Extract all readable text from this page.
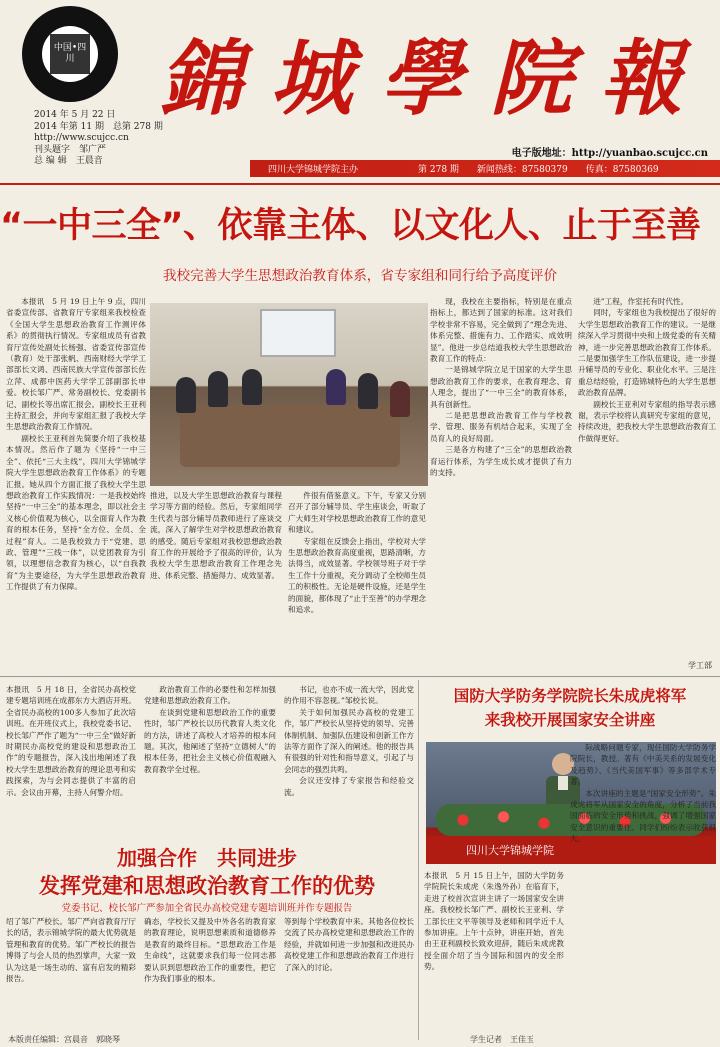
中国•四川 錦城學院報
2014 年 5 月 22 日
2014 年第 11 期　总第 278 期
http://www.scujcc.cn
刊头题字　邹广严
总 编 辑　王晨音
电子版地址：http://yuanbao.scujcc.cn
四川大学锦城学院主办	第 278 期 新闻热线：87580379 传真：87580369
“一中三全”、依靠主体、以文化人、止于至善
我校完善大学生思想政治教育体系，省专家组和同行给予高度评价

本报讯　5 月 19 日上午 9 点，四川省委宣传部、省教育厅专家组来我校检查《全国大学生思想政治教育工作测评体系》的贯彻执行情况。专家组成员有省教育厅宣传处副处长杨强、省委宣传部宣传（教育）处干部张帆、西南财经大学学工部部长文鸿、西南民族大学宣传部部长佐立萍、成都中医药大学学工部副部长申爱。校长邹广严、常务副校长、党委副书记、副校长等出席汇报会。副校长王亚利主持汇报会，并向专家组汇报了我校大学生思想政治教育工作情况。

副校长王亚利首先简要介绍了我校基本情况。然后作了题为《坚持“一中三全”、依托“三大主线”，四川大学锦城学院大学生思想政治教育工作体系》的专题汇报。她从四个方面汇报了我校大学生思想政治教育工作实践情况：一是我校始终坚持“一中三全”的基本理念，即以社会主义核心价值观为核心，以全面育人作为教育的根本任务，坚持“全方位、全员、全过程”育人。二是我校致力于“党建、思政、管理”“三线一体”，以党团教育为引领，以理想信念教育为核心，以“自我教育”为主要途径，为大学生思想政治教育工作提供了有力保障。

推进，以及大学生思想政治教育与课程学习等方面的经验。然后，专家组同学生代表与部分辅导员教师进行了座谈交流，深入了解学生对学校思想政治教育的感受。随后专家组对我校思想政治教育工作的开展给予了很高的评价，认为我校大学生思想政治教育工作理念先进、体系完整、措施得力、成效显著。

现，我校在主要指标，特别是在重点指标上，都达到了国家的标准。这对我们学校非常不容易，完全做到了“理念先进、体系完整、措施有力、工作踏实、成效明显”。他进一步总结道我校大学生思想政治教育工作的特点：

一是锦城学院立足于国家的大学生思想政治教育工作的要求，在教育理念、育人理念，提出了“一中三全”的教育体系，具有创新性。

二是把思想政治教育工作与学校教学、管理、服务有机结合起来，实现了全员育人的良好局面。

三是各方构建了“三全”的思想政治教育运行体系，为学生成长成才提供了有力的支持。

件很有借鉴意义。下午，专家又分别召开了部分辅导员、学生座谈会，听取了广大师生对学校思想政治教育工作的意见和建议。

专家组在反馈会上指出，学校对大学生思想政治教育高度重视，思路清晰，方法得当，成效显著。学校领导班子对于学生工作十分重视，充分调动了全校师生员工的积极性。无论是硬件设施，还是学生的面貌，都体现了“止于至善”的办学理念和追求。

进”工程，作室托有时代性。

同时，专家组也为我校提出了很好的大学生思想政治教育工作的建议。一是继续深入学习贯彻中央和上级党委的有关精神，进一步完善思想政治教育工作体系。二是要加强学生工作队伍建设，进一步提升辅导员的专业化、职业化水平。三是注重总结经验，打造锦城特色的大学生思想政治教育品牌。

副校长王亚利对专家组的指导表示感谢，表示学校将认真研究专家组的意见，持续改进，把我校大学生思想政治教育工作做得更好。

学工部
本报讯　5 月 18 日，全省民办高校党建专题培训班在成都东方大酒店开班。全省民办高校的100多人参加了此次培训班。在开班仪式上，我校党委书记、校长邹广严作了题为“一中三全”做好新时期民办高校党的建设和思想政治工作”的专题报告，深入浅出地阐述了我校大学生思想政治教育的理论思考和实践探索，为与会同志提供了丰富的启示。会议由开幕，主持人何警介绍。

政治教育工作的必要性和怎样加强党建和思想政治教育工作。

在谈到党建和思想政治工作的重要性时，邹广严校长以历代教育人类文化的方法，讲述了高校人才培养的根本问题。其次，他阐述了坚持“立德树人”的根本任务，把社会主义核心价值观融入教育教学全过程。

书记，也亦不成一流大学，因此党的作用不容忽视。”邹校长说。

关于如何加强民办高校的党建工作，邹广严校长从坚持党的领导、完善体制机制、加强队伍建设和创新工作方法等方面作了深入的阐述。他的报告具有很强的针对性和指导意义，引起了与会同志的强烈共鸣。

会议还安排了专家报告和经验交流。

加强合作　共同进步
发挥党建和思想政治教育工作的优势
党委书记、校长邹广严参加全省民办高校党建专题培训班并作专题报告
绍了邹广严校长。邹广严向省教育厅厅长的话，表示锦城学院的最大优势就是管理和教育的优势。邹广严校长的报告博得了与会人员的热烈掌声，大家一致认为这是一场生动的、富有启发的精彩报告。
确态，学校长又提及中外各名的教育家的教育理论，说明思想素质和道德修养是教育的最终目标。“思想政治工作是生命线”，这就要求我们每一位同志都要认识到思想政治工作的重要性，把它作为我们事业的根本。
等到每个学校教育中来。其他各位校长交流了民办高校党建和思想政治工作的经验，并就如何进一步加强和改进民办高校党建工作和思想政治教育工作进行了深入的讨论。
国防大学防务学院院长朱成虎将军
来我校开展国家安全讲座
四川大学锦城学院
本报讯　5 月 15 日上午，国防大学防务学院院长朱成虎（朱逸外孙）在临育下，走进了校首次宣讲主讲了一场国家安全讲座。我校校长邹广严、副校长王亚利、学工部长庄文平等领导及老师和同学近千人参加讲座。上午十点钟，讲座开始，首先由王亚利副校长致欢迎辞，随后朱成虎教授全面介绍了当今国际和国内的安全形势。

际战略问题专家，现任国防大学防务学院院长，教授。著有《中美关系的发展变化及趋势》、《当代美国军事》等多部学术专著。

本次讲座的主题是“国家安全形势”。朱成虎将军从国家安全的角度，分析了当前我国面临的安全形势和挑战，强调了增强国家安全意识的重要性。同学们纷纷表示收获很大。

本版责任编辑：宫晨音　郭晓琴	学生记者　王佳玉
